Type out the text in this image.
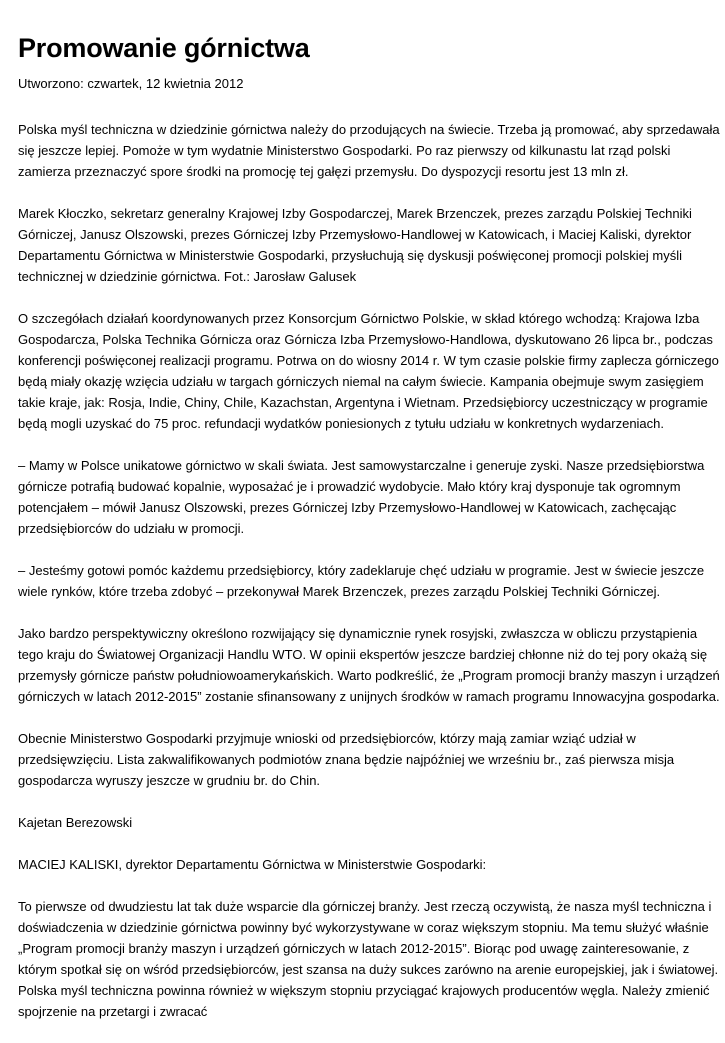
Promowanie górnictwa
Utworzono: czwartek, 12 kwietnia 2012

Polska myśl techniczna w dziedzinie górnictwa należy do przodujących na świecie. Trzeba ją promować, aby sprzedawała się jeszcze lepiej. Pomoże w tym wydatnie Ministerstwo Gospodarki. Po raz pierwszy od kilkunastu lat rząd polski zamierza przeznaczyć spore środki na promocję tej gałęzi przemysłu. Do dyspozycji resortu jest 13 mln zł.

Marek Kłoczko, sekretarz generalny Krajowej Izby Gospodarczej, Marek Brzenczek, prezes zarządu Polskiej Techniki Górniczej, Janusz Olszowski, prezes Górniczej Izby Przemysłowo-Handlowej w Katowicach, i Maciej Kaliski, dyrektor Departamentu Górnictwa w Ministerstwie Gospodarki, przysłuchują się dyskusji poświęconej promocji polskiej myśli technicznej w dziedzinie górnictwa. Fot.: Jarosław Galusek

O szczegółach działań koordynowanych przez Konsorcjum Górnictwo Polskie, w skład którego wchodzą: Krajowa Izba Gospodarcza, Polska Technika Górnicza oraz Górnicza Izba Przemysłowo-Handlowa, dyskutowano 26 lipca br., podczas konferencji poświęconej realizacji programu. Potrwa on do wiosny 2014 r. W tym czasie polskie firmy zaplecza górniczego będą miały okazję wzięcia udziału w targach górniczych niemal na całym świecie. Kampania obejmuje swym zasięgiem takie kraje, jak: Rosja, Indie, Chiny, Chile, Kazachstan, Argentyna i Wietnam. Przedsiębiorcy uczestniczący w programie będą mogli uzyskać do 75 proc. refundacji wydatków poniesionych z tytułu udziału w konkretnych wydarzeniach.

– Mamy w Polsce unikatowe górnictwo w skali świata. Jest samowystarczalne i generuje zyski. Nasze przedsiębiorstwa górnicze potrafią budować kopalnie, wyposażać je i prowadzić wydobycie. Mało który kraj dysponuje tak ogromnym potencjałem – mówił Janusz Olszowski, prezes Górniczej Izby Przemysłowo-Handlowej w Katowicach, zachęcając przedsiębiorców do udziału w promocji.

– Jesteśmy gotowi pomóc każdemu przedsiębiorcy, który zadeklaruje chęć udziału w programie. Jest w świecie jeszcze wiele rynków, które trzeba zdobyć – przekonywał Marek Brzenczek, prezes zarządu Polskiej Techniki Górniczej.

Jako bardzo perspektywiczny określono rozwijający się dynamicznie rynek rosyjski, zwłaszcza w obliczu przystąpienia tego kraju do Światowej Organizacji Handlu WTO. W opinii ekspertów jeszcze bardziej chłonne niż do tej pory okażą się przemysły górnicze państw południowoamerykańskich. Warto podkreślić, że „Program promocji branży maszyn i urządzeń górniczych w latach 2012-2015” zostanie sfinansowany z unijnych środków w ramach programu Innowacyjna gospodarka.

Obecnie Ministerstwo Gospodarki przyjmuje wnioski od przedsiębiorców, którzy mają zamiar wziąć udział w przedsięwzięciu. Lista zakwalifikowanych podmiotów znana będzie najpóźniej we wrześniu br., zaś pierwsza misja gospodarcza wyruszy jeszcze w grudniu br. do Chin.

Kajetan Berezowski

MACIEJ KALISKI, dyrektor Departamentu Górnictwa w Ministerstwie Gospodarki:

To pierwsze od dwudziestu lat tak duże wsparcie dla górniczej branży. Jest rzeczą oczywistą, że nasza myśl techniczna i doświadczenia w dziedzinie górnictwa powinny być wykorzystywane w coraz większym stopniu. Ma temu służyć właśnie „Program promocji branży maszyn i urządzeń górniczych w latach 2012-2015”. Biorąc pod uwagę zainteresowanie, z którym spotkał się on wśród przedsiębiorców, jest szansa na duży sukces zarówno na arenie europejskiej, jak i światowej. Polska myśl techniczna powinna również w większym stopniu przyciągać krajowych producentów węgla. Należy zmienić spojrzenie na przetargi i zwracać
